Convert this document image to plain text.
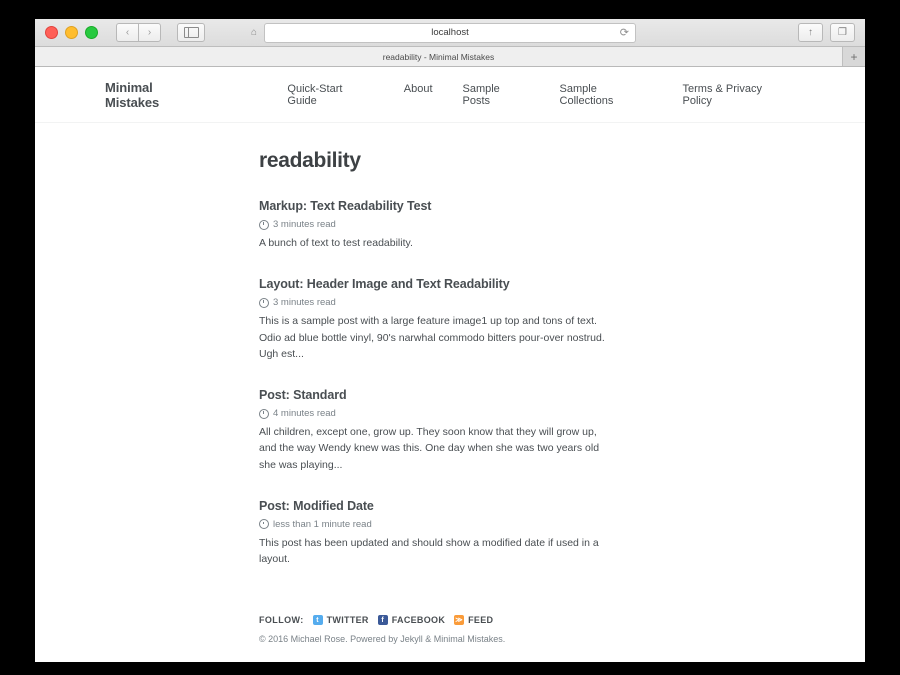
‹	›	⌂	localhost	⟳	↑	❐
readability - Minimal Mistakes	+
Minimal Mistakes
Quick-Start Guide
About	Sample Posts
Sample Collections
Terms & Privacy Policy
readability
Markup: Text Readability Test
3 minutes read

A bunch of text to test readability.

Layout: Header Image and Text Readability
3 minutes read

This is a sample post with a large feature image1 up top and tons of text. Odio ad blue bottle vinyl, 90's narwhal commodo bitters pour-over nostrud. Ugh est...

Post: Standard
4 minutes read

All children, except one, grow up. They soon know that they will grow up, and the way Wendy knew was this. One day when she was two years old she was playing...

Post: Modified Date
less than 1 minute read

This post has been updated and should show a modified date if used in a layout.

FOLLOW:	t TWITTER	f FACEBOOK ≫ FEED
© 2016 Michael Rose. Powered by Jekyll & Minimal Mistakes.
